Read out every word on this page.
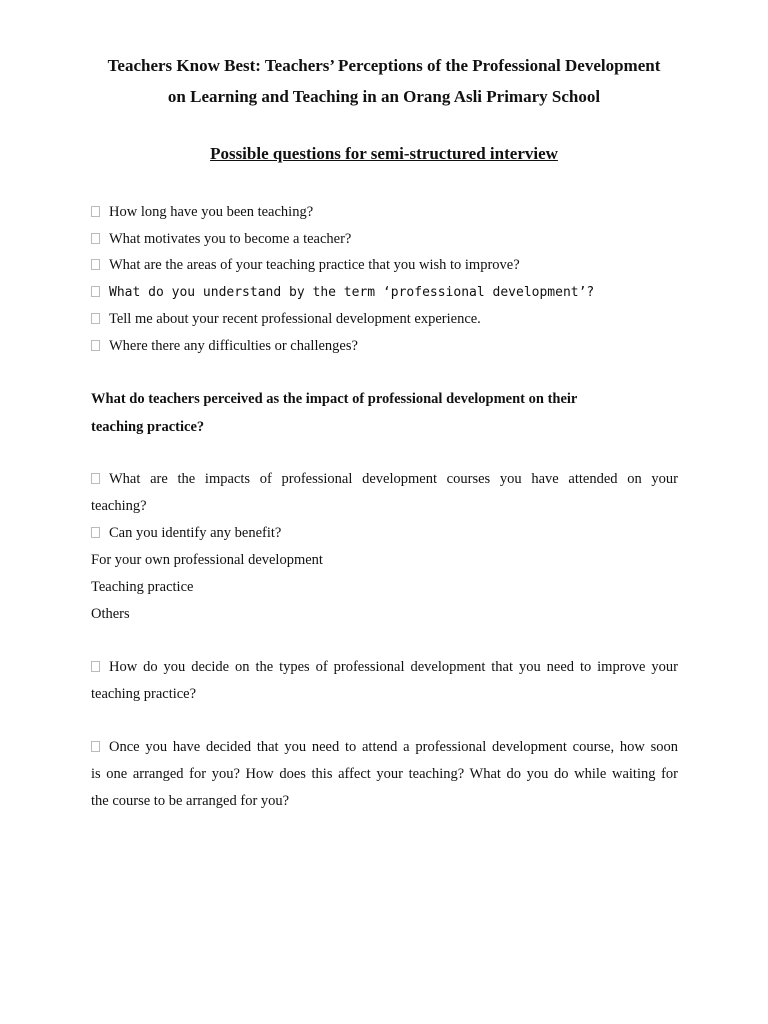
Teachers Know Best: Teachers’ Perceptions of the Professional Development
on Learning and Teaching in an Orang Asli Primary School
Possible questions for semi-structured interview
How long have you been teaching?
What motivates you to become a teacher?
What are the areas of your teaching practice that you wish to improve?
What do you understand by the term ‘professional development’?
Tell me about your recent professional development experience.
Where there any difficulties or challenges?
What do teachers perceived as the impact of professional development on their
teaching practice?
What are the impacts of professional development courses you have attended on your
teaching?
Can you identify any benefit?
For your own professional development
Teaching practice
Others
How do you decide on the types of professional development that you need to improve your
teaching practice?
Once you have decided that you need to attend a professional development course, how soon
is one arranged for you? How does this affect your teaching? What do you do while waiting for
the course to be arranged for you?
